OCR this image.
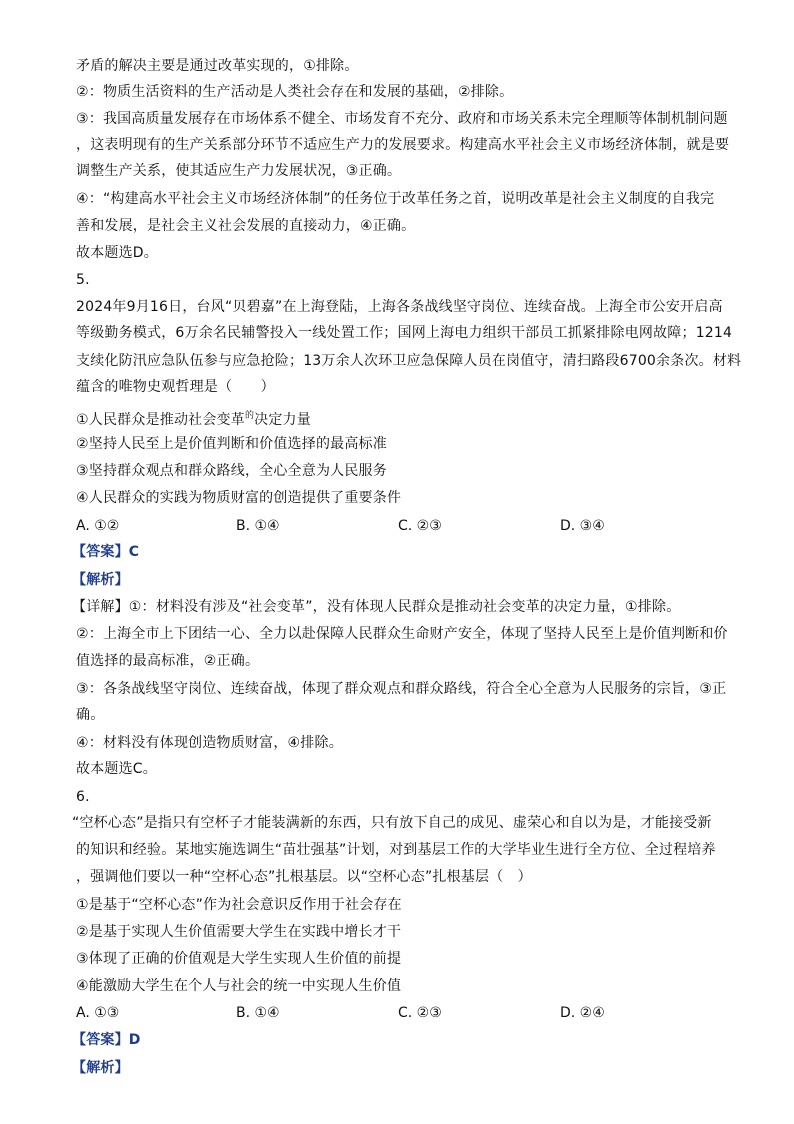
矛盾的解决主要是通过改革实现的，①排除。
②：物质生活资料的生产活动是人类社会存在和发展的基础，②排除。
③：我国高质量发展存在市场体系不健全、市场发育不充分、政府和市场关系未完全理顺等体制机制问题
，这表明现有的生产关系部分环节不适应生产力的发展要求。构建高水平社会主义市场经济体制，就是要
调整生产关系，使其适应生产力发展状况，③正确。
④：“构建高水平社会主义市场经济体制”的任务位于改革任务之首，说明改革是社会主义制度的自我完
善和发展，是社会主义社会发展的直接动力，④正确。
故本题选D。
5.
2024年9月16日，台风“贝碧嘉”在上海登陆，上海各条战线坚守岗位、连续奋战。上海全市公安开启高
等级勤务模式，6万余名民辅警投入一线处置工作；国网上海电力组织干部员工抓紧排除电网故障；1214
支续化防汛应急队伍参与应急抢险；13万余人次环卫应急保障人员在岗值守，清扫路段6700余条次。材料
蕴含的唯物史观哲理是（　　）
①人民群众是推动社会变革$^的$决定力量
②坚持人民至上是价值判断和价值选择的最高标准
③坚持群众观点和群众路线，全心全意为人民服务
④人民群众的实践为物质财富的创造提供了重要条件
A. ①②	B. ①④	C. ②③	D. ③④
【答案】C
【解析】
【详解】①：材料没有涉及“社会变革”，没有体现人民群众是推动社会变革的决定力量，①排除。
②：上海全市上下团结一心、全力以赴保障人民群众生命财产安全，体现了坚持人民至上是价值判断和价
值选择的最高标准，②正确。
③：各条战线坚守岗位、连续奋战，体现了群众观点和群众路线，符合全心全意为人民服务的宗旨，③正
确。
④：材料没有体现创造物质财富，④排除。
故本题选C。
6.
“空杯心态”是指只有空杯子才能装满新的东西，只有放下自己的成见、虚荣心和自以为是，才能接受新
的知识和经验。某地实施选调生“苗壮强基”计划，对到基层工作的大学毕业生进行全方位、全过程培养
，强调他们要以一种“空杯心态”扎根基层。以“空杯心态”扎根基层（　）
①是基于“空杯心态”作为社会意识反作用于社会存在
②是基于实现人生价值需要大学生在实践中增长才干
③体现了正确的价值观是大学生实现人生价值的前提
④能激励大学生在个人与社会的统一中实现人生价值
A. ①③	B. ①④	C. ②③	D. ②④
【答案】D
【解析】
